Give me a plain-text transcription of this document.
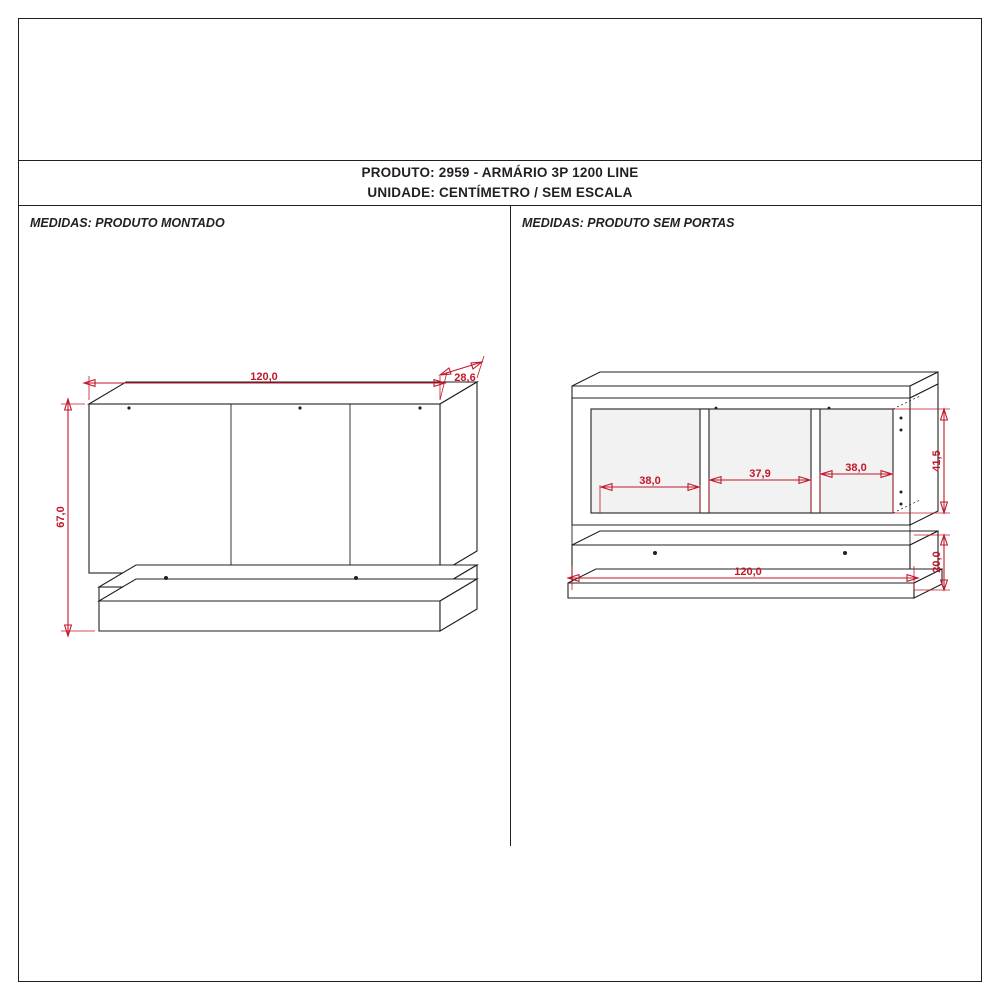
PRODUTO: 2959 - ARMÁRIO 3P 1200 LINE
UNIDADE: CENTÍMETRO / SEM ESCALA
MEDIDAS: PRODUTO MONTADO	MEDIDAS: PRODUTO SEM PORTAS
120,0	28,6
67,0
38,0
37,9	38,0	41,5
20,0
120,0
